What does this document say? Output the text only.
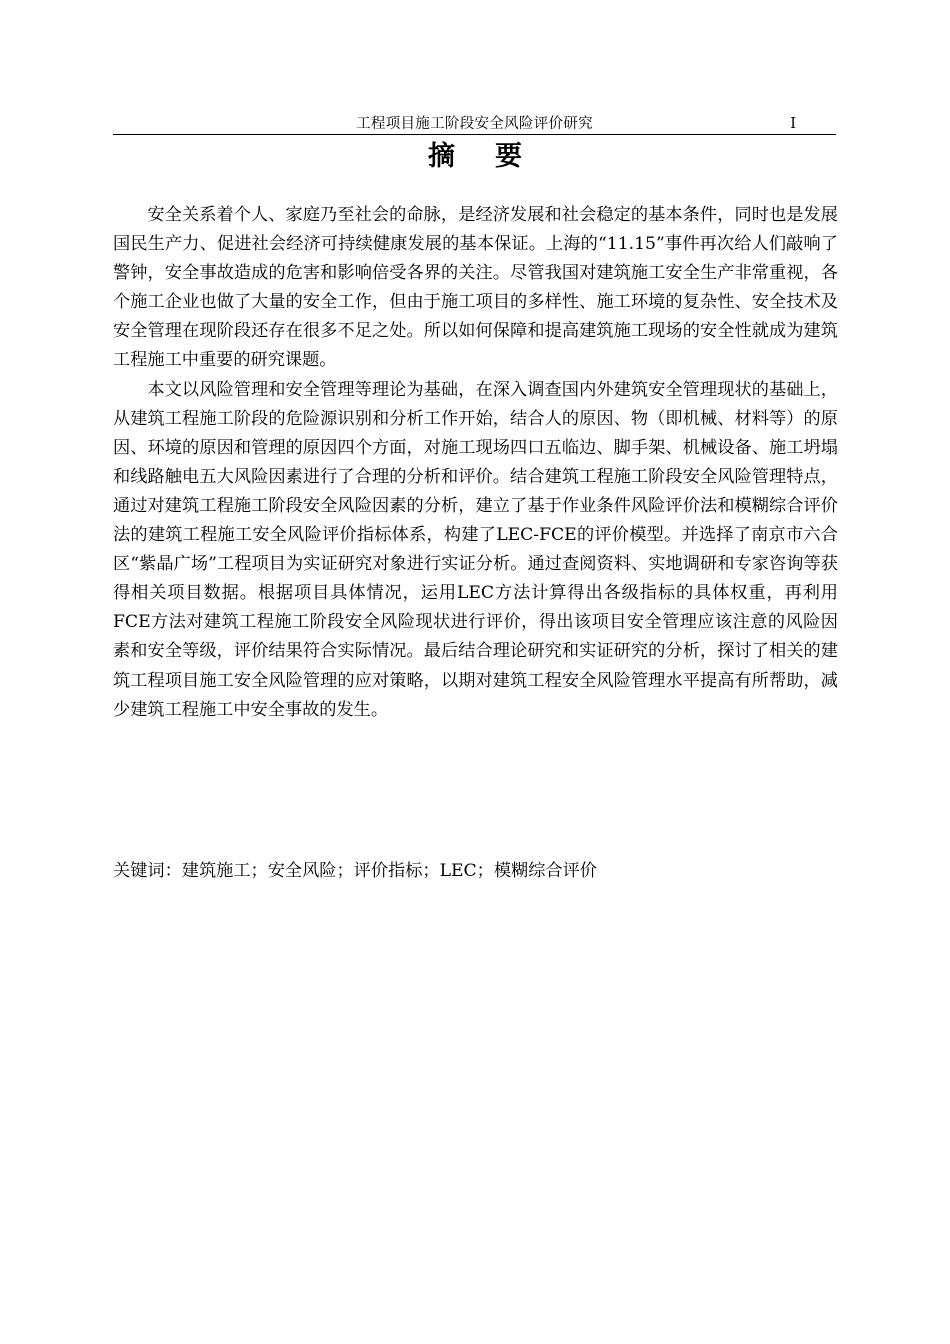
工程项目施工阶段安全风险评价研究	I
摘要

安全关系着个人、家庭乃至社会的命脉，是经济发展和社会稳定的基本条件，同时也是发展国民生产力、促进社会经济可持续健康发展的基本保证。上海的“11.15”事件再次给人们敲响了警钟，安全事故造成的危害和影响倍受各界的关注。尽管我国对建筑施工安全生产非常重视，各个施工企业也做了大量的安全工作，但由于施工项目的多样性、施工环境的复杂性、安全技术及安全管理在现阶段还存在很多不足之处。所以如何保障和提高建筑施工现场的安全性就成为建筑工程施工中重要的研究课题。

本文以风险管理和安全管理等理论为基础，在深入调查国内外建筑安全管理现状的基础上，从建筑工程施工阶段的危险源识别和分析工作开始，结合人的原因、物（即机械、材料等）的原因、环境的原因和管理的原因四个方面，对施工现场四口五临边、脚手架、机械设备、施工坍塌和线路触电五大风险因素进行了合理的分析和评价。结合建筑工程施工阶段安全风险管理特点，通过对建筑工程施工阶段安全风险因素的分析，建立了基于作业条件风险评价法和模糊综合评价法的建筑工程施工安全风险评价指标体系，构建了LEC-FCE的评价模型。并选择了南京市六合区“紫晶广场”工程项目为实证研究对象进行实证分析。通过查阅资料、实地调研和专家咨询等获得相关项目数据。根据项目具体情况，运用LEC方法计算得出各级指标的具体权重，再利用FCE方法对建筑工程施工阶段安全风险现状进行评价，得出该项目安全管理应该注意的风险因素和安全等级，评价结果符合实际情况。最后结合理论研究和实证研究的分析，探讨了相关的建筑工程项目施工安全风险管理的应对策略，以期对建筑工程安全风险管理水平提高有所帮助，减少建筑工程施工中安全事故的发生。

关键词：建筑施工；安全风险；评价指标；LEC；模糊综合评价
